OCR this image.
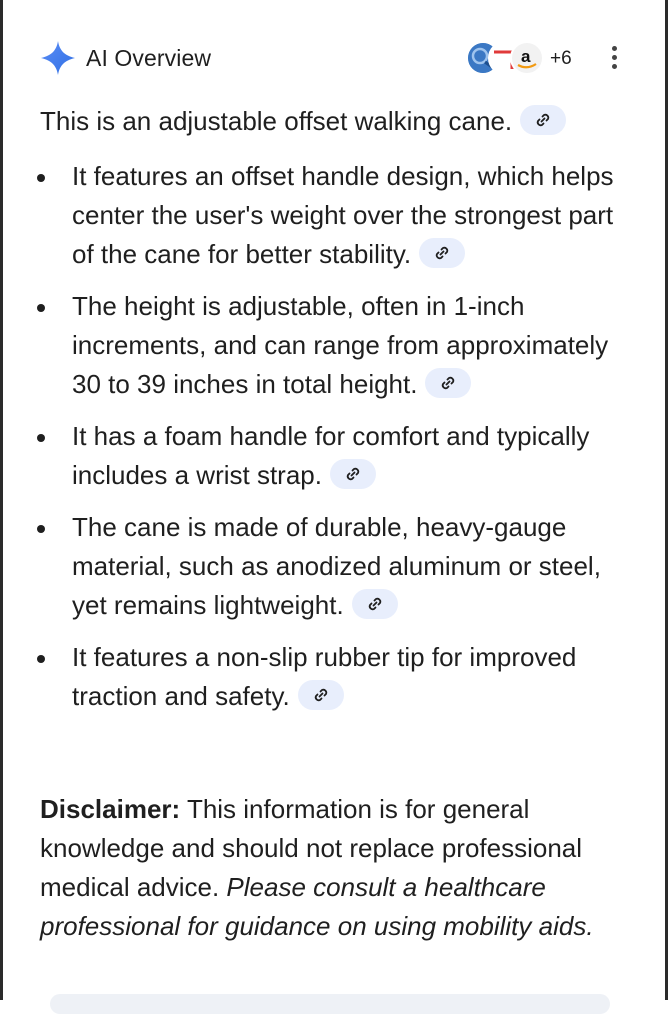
AI Overview	a +6
This is an adjustable offset walking cane.
It features an offset handle design, which helps center the user's weight over the strongest part of the cane for better stability.
The height is adjustable, often in 1-inch increments, and can range from approximately 30 to 39 inches in total height.
It has a foam handle for comfort and typically includes a wrist strap.
The cane is made of durable, heavy-gauge material, such as anodized aluminum or steel, yet remains lightweight.
It features a non-slip rubber tip for improved traction and safety.
Disclaimer: This information is for general knowledge and should not replace professional medical advice. Please consult a healthcare professional for guidance on using mobility aids.
